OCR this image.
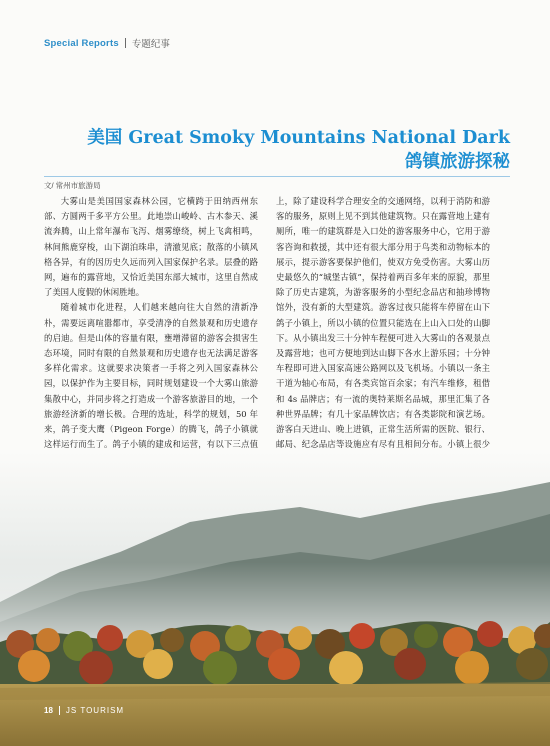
Special Reports 专题纪事
美国 Great Smoky Mountains National Dark
鸽镇旅游探秘
文/ 常州市旅游局

大雾山是美国国家森林公园，它横跨于田纳西州东部、方圆两千多平方公里。此地崇山峻岭、古木参天、溪流奔腾，山上常年瀑布飞泻、烟雾缭绕，树上飞禽相鸣，林间熊鹿穿梭，山下湖泊珠串，清澈见底；散落的小镇风格各异，有的因历史久远而列入国家保护名录。层叠的路网，遍布的露营地，又恰近美国东部大城市，这里自然成了美国人度假的休闲胜地。

随着城市化进程，人们越来越向往大自然的清新净朴，需要远离喧嚣都市，享受清净的自然景观和历史遗存的启迪。但是山体的容量有限，壅增滞留的游客会损害生态环境，同时有限的自然景观和历史遗存也无法满足游客多样化需求。这就要求决策者一手将之列入国家森林公园，以保护作为主要目标，同时规划建设一个大雾山旅游集散中心，并同步将之打造成一个游客旅游目的地，一个旅游经济新的增长极。合理的选址，科学的规划，50 年来，鸽子变大鹰（Pigeon Forge）的腾飞，鸽子小镇就这样运行而生了。鸽子小镇的建成和运营，有以下三点值

上，除了建设科学合理安全的交通网络，以利于消防和游客的服务，原则上见不到其他建筑物。只在露营地上建有厕所，唯一的建筑群是入口处的游客服务中心，它用于游客咨询和救援，其中还有很大部分用于鸟类和动物标本的展示，提示游客要保护他们，使双方免受伤害。大雾山历史最悠久的“城堡古镇”，保持着两百多年来的原貌，那里除了历史古建筑，为游客服务的小型纪念品店和抽珍博物馆外，没有新的大型建筑。游客过夜只能将车停留在山下鸽子小镇上，所以小镇的位置只能选在上山入口处的山脚下。从小镇出发三十分钟车程便可进入大雾山的各观景点及露营地；也可方便地到达山脚下各水上游乐园；十分钟车程即可进入国家高速公路网以及飞机场。小镇以一条主干道为轴心布局，有各类宾馆百余家；有汽车维修，租借和 4s 品牌店；有一流的奥特莱斯名品城，那里汇集了各种世界品牌；有几十家品牌饮店；有各类影院和演艺场。游客白天进山、晚上进镇，正常生活所需的医院、银行、邮局、纪念品店等设施应有尽有且相间分布。小镇上很少

18 JS TOURISM
